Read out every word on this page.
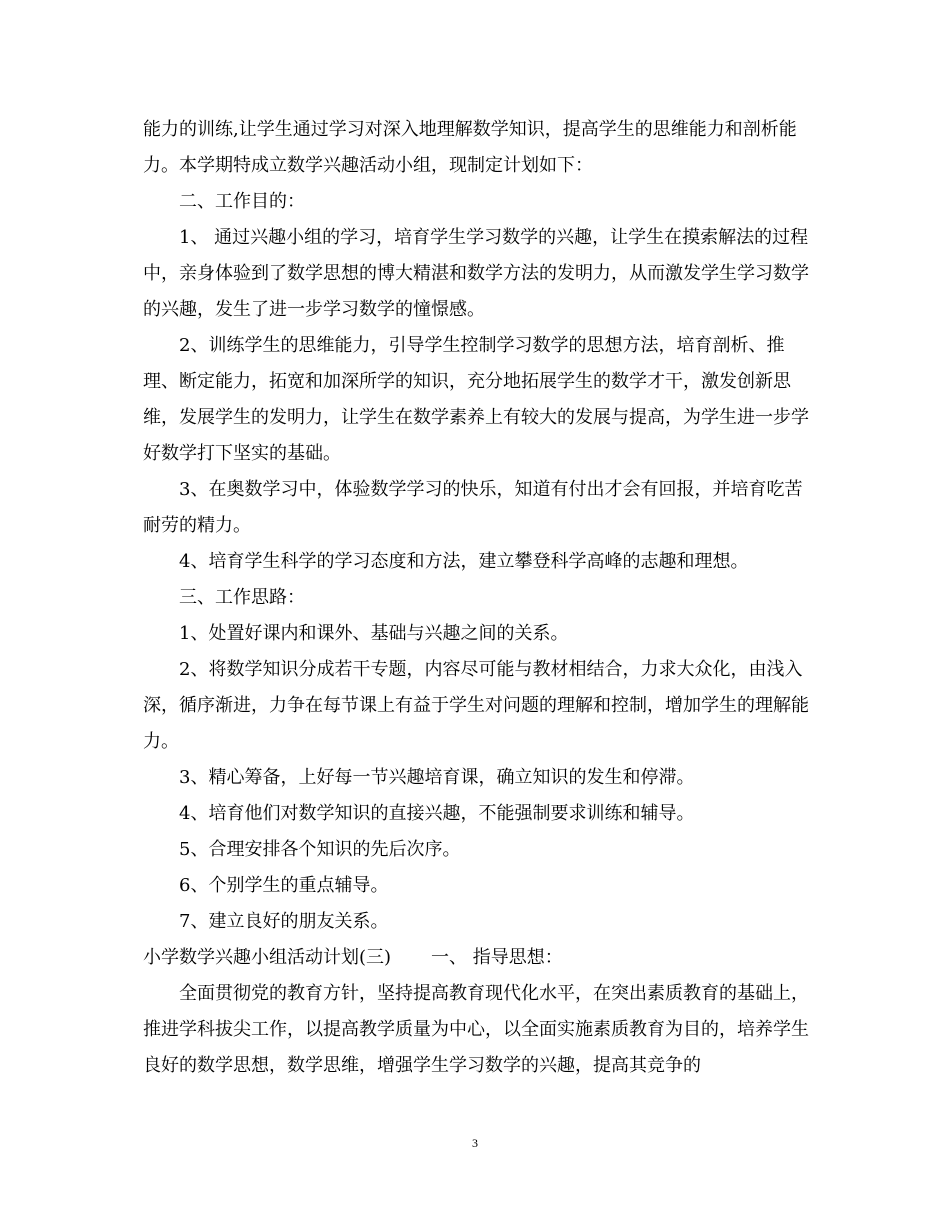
能力的训练,让学生通过学习对深入地理解数学知识，提高学生的思维能力和剖析能力。本学期特成立数学兴趣活动小组，现制定计划如下：

二、工作目的：

1、 通过兴趣小组的学习，培育学生学习数学的兴趣，让学生在摸索解法的过程中，亲身体验到了数学思想的博大精湛和数学方法的发明力，从而激发学生学习数学的兴趣，发生了进一步学习数学的憧憬感。

2、训练学生的思维能力，引导学生控制学习数学的思想方法，培育剖析、推理、断定能力，拓宽和加深所学的知识，充分地拓展学生的数学才干，激发创新思维，发展学生的发明力，让学生在数学素养上有较大的发展与提高，为学生进一步学好数学打下坚实的基础。

3、在奥数学习中，体验数学学习的快乐，知道有付出才会有回报，并培育吃苦耐劳的精力。

4、培育学生科学的学习态度和方法，建立攀登科学高峰的志趣和理想。

三、工作思路：

1、处置好课内和课外、基础与兴趣之间的关系。

2、将数学知识分成若干专题，内容尽可能与教材相结合，力求大众化，由浅入深，循序渐进，力争在每节课上有益于学生对问题的理解和控制，增加学生的理解能力。

3、精心筹备，上好每一节兴趣培育课，确立知识的发生和停滞。

4、培育他们对数学知识的直接兴趣，不能强制要求训练和辅导。

5、合理安排各个知识的先后次序。

6、个别学生的重点辅导。

7、建立良好的朋友关系。

小学数学兴趣小组活动计划(三) 一、 指导思想：

全面贯彻党的教育方针，坚持提高教育现代化水平，在突出素质教育的基础上，推进学科拔尖工作，以提高教学质量为中心，以全面实施素质教育为目的，培养学生良好的数学思想，数学思维，增强学生学习数学的兴趣，提高其竞争的

3
